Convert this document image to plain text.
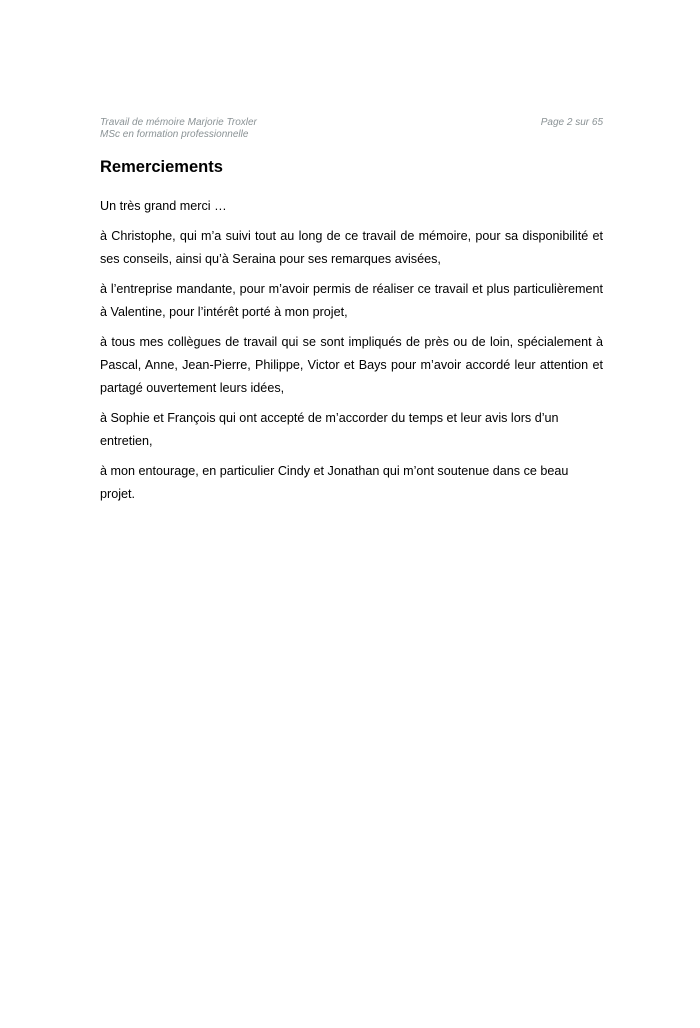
Travail de mémoire Marjorie Troxler
MSc en formation professionnelle
Page 2 sur 65
Remerciements

Un très grand merci …

à Christophe, qui m’a suivi tout au long de ce travail de mémoire, pour sa disponibilité et ses conseils, ainsi qu’à Seraina pour ses remarques avisées,

à l’entreprise mandante, pour m’avoir permis de réaliser ce travail et plus particulièrement à Valentine, pour l’intérêt porté à mon projet,

à tous mes collègues de travail qui se sont impliqués de près ou de loin, spécialement à Pascal, Anne, Jean-Pierre, Philippe, Victor et Bays pour m’avoir accordé leur attention et partagé ouvertement leurs idées,

à Sophie et François qui ont accepté de m’accorder du temps et leur avis lors d’un entretien,

à mon entourage, en particulier Cindy et Jonathan qui m’ont soutenue dans ce beau projet.
